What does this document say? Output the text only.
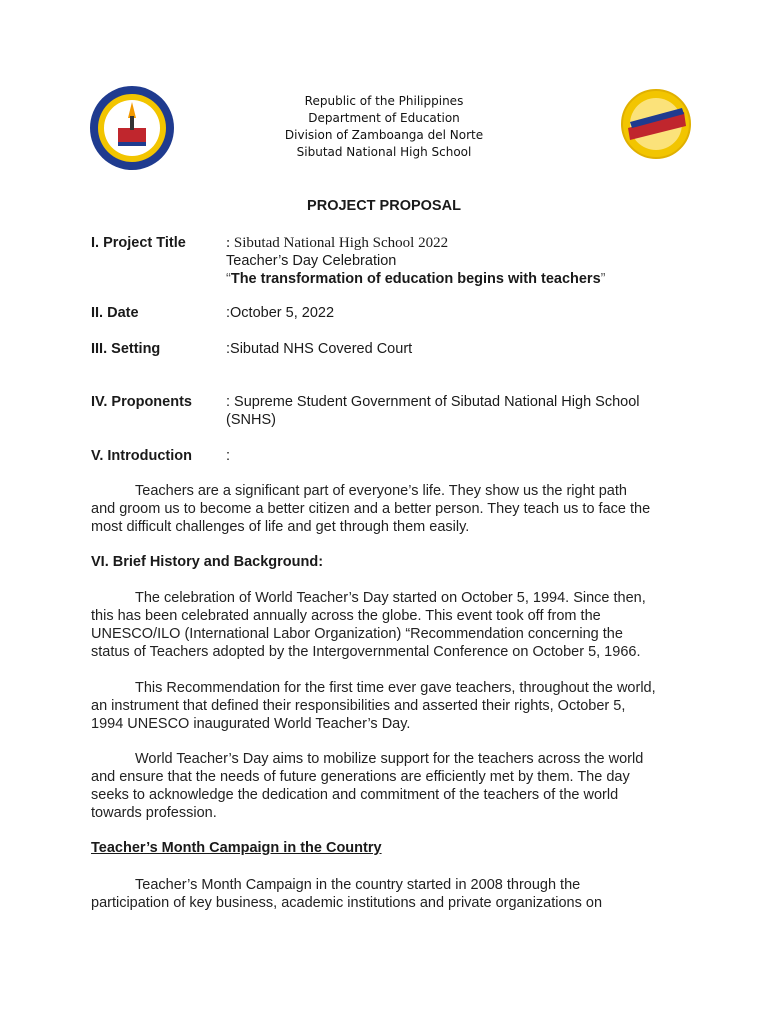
Republic of the Philippines
Department of Education
Division of Zamboanga del Norte
Sibutad National High School
PROJECT PROPOSAL
I. Project Title	: Sibutad National High School 2022
Teacher’s Day Celebration
“The transformation of education begins with teachers”
II. Date	:October 5, 2022
III. Setting	:Sibutad NHS Covered Court
IV. Proponents : Supreme Student Government of Sibutad National High School
(SNHS)
V. Introduction :
Teachers are a significant part of everyone’s life. They show us the right path
and groom us to become a better citizen and a better person. They teach us to face the
most difficult challenges of life and get through them easily.
VI. Brief History and Background:
The celebration of World Teacher’s Day started on October 5, 1994. Since then,
this has been celebrated annually across the globe. This event took off from the
UNESCO/ILO (International Labor Organization) “Recommendation concerning the
status of Teachers adopted by the Intergovernmental Conference on October 5, 1966.
This Recommendation for the first time ever gave teachers, throughout the world,
an instrument that defined their responsibilities and asserted their rights, October 5,
1994 UNESCO inaugurated World Teacher’s Day.
World Teacher’s Day aims to mobilize support for the teachers across the world
and ensure that the needs of future generations are efficiently met by them. The day
seeks to acknowledge the dedication and commitment of the teachers of the world
towards profession.
Teacher’s Month Campaign in the Country
Teacher’s Month Campaign in the country started in 2008 through the
participation of key business, academic institutions and private organizations on
